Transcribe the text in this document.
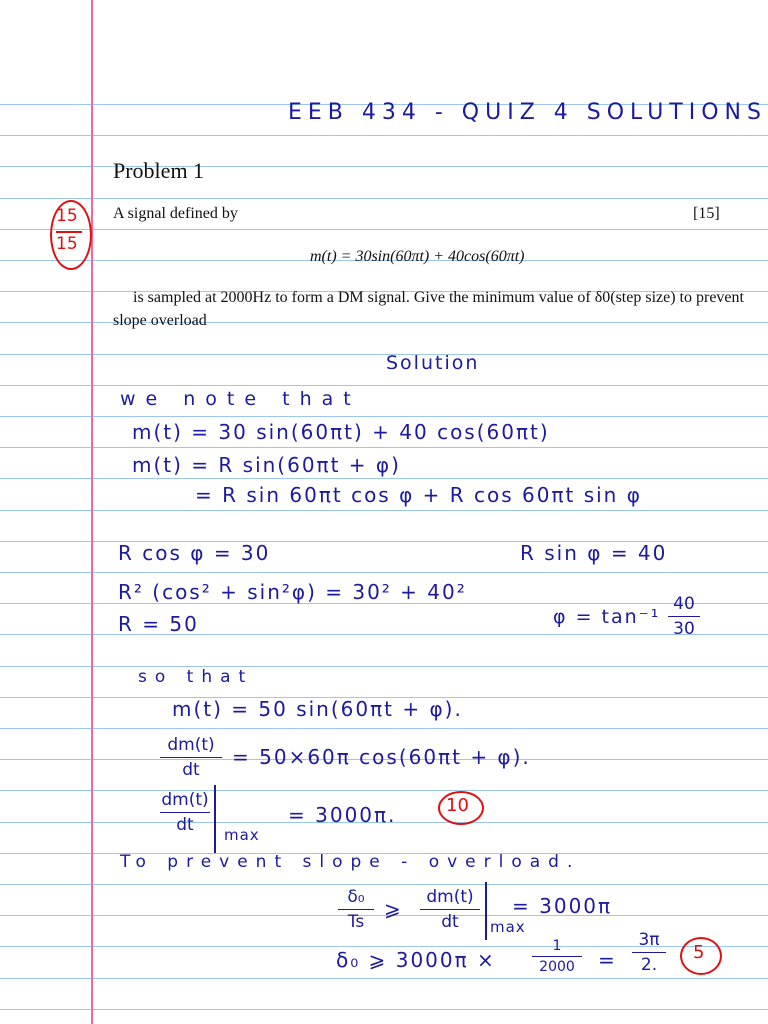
EEB 434 - QUIZ 4 SOLUTIONS
Problem 1
15
15
A signal defined by	[15]
m(t) = 30sin(60πt) + 40cos(60πt)
is sampled at 2000Hz to form a DM signal. Give the minimum value of δ0(step size) to prevent
slope overload
Solution
we note that
m(t) = 30 sin(60πt) + 40 cos(60πt)
m(t) = R sin(60πt + φ)
= R sin 60πt cos φ + R cos 60πt sin φ
R cos φ = 30	R sin φ = 40
R² (cos² + sin²φ) = 30² + 40²
R = 50	φ = tan⁻¹
40
30
so that
m(t) = 50 sin(60πt + φ).
dm(t)
dt
= 50×60π cos(60πt + φ).
dm(t)
dt	max
= 3000π.	10
To prevent slope - overload.
δ₀
Ts
⩾	dm(t)
dt	max
= 3000π
δ₀ ⩾ 3000π ×
1
2000	=
3π
2.
5
